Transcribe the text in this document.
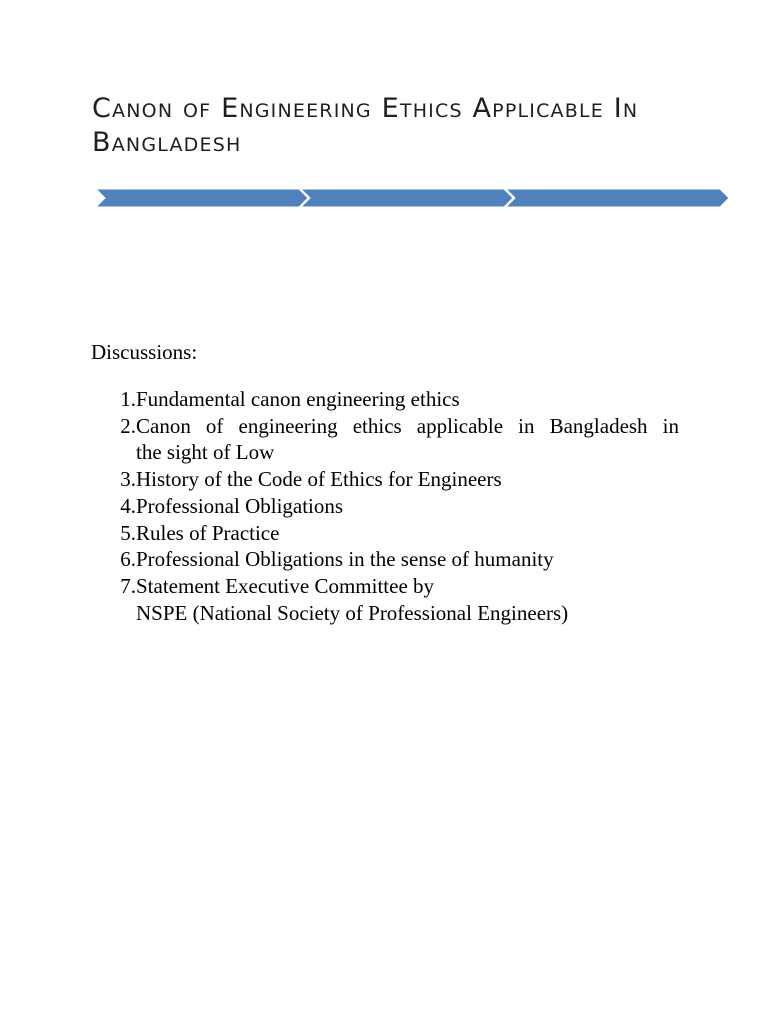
Canon of Engineering Ethics Applicable In
Bangladesh

Discussions:

1. Fundamental canon engineering ethics
2. Canon of engineering ethics applicable in Bangladesh in
the sight of Low
3. History of the Code of Ethics for Engineers
4. Professional Obligations
5. Rules of Practice
6. Professional Obligations in the sense of humanity
7. Statement Executive Committee by
NSPE (National Society of Professional Engineers)
